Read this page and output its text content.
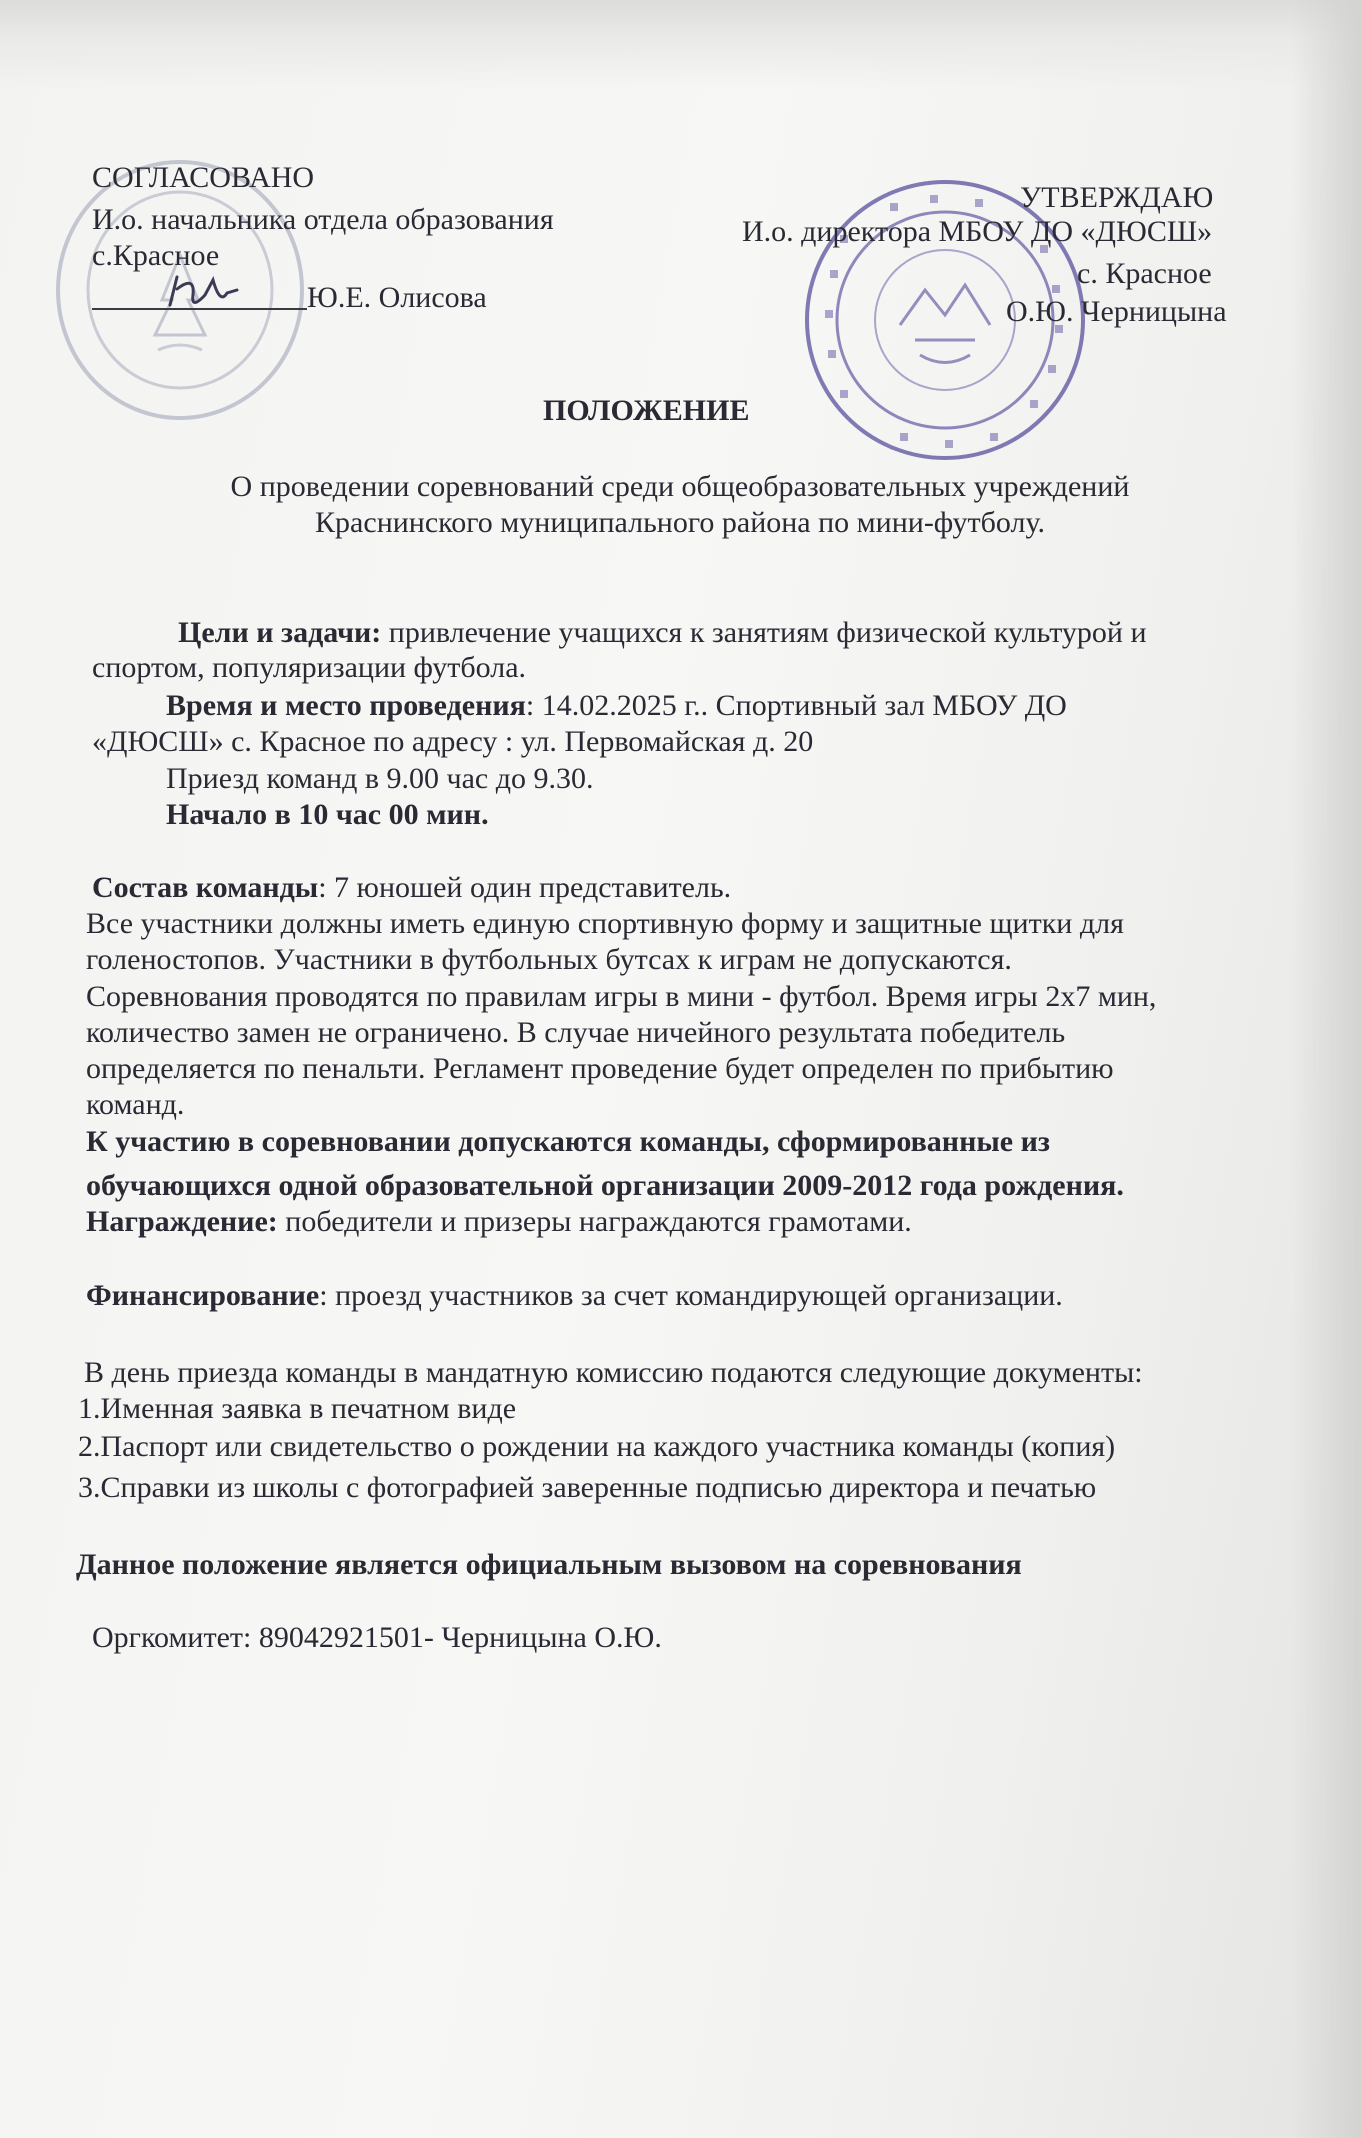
СОГЛАСОВАНО
И.о. начальника отдела образования
с.Красное
Ю.Е. Олисова
УТВЕРЖДАЮ
И.о. директора МБОУ ДО «ДЮСШ»
с. Красное
О.Ю. Черницына
ПОЛОЖЕНИЕ
О проведении соревнований среди общеобразовательных учреждений
Краснинского муниципального района по мини-футболу.
Цели и задачи: привлечение учащихся к занятиям физической культурой и
спортом, популяризации футбола.
Время и место проведения: 14.02.2025 г.. Спортивный зал МБОУ ДО
«ДЮСШ» с. Красное по адресу : ул. Первомайская д. 20
Приезд команд в 9.00 час до 9.30.
Начало в 10 час 00 мин.
Состав команды: 7 юношей один представитель.
Все участники должны иметь единую спортивную форму и защитные щитки для
голеностопов. Участники в футбольных бутсах к играм не допускаются.
Соревнования проводятся по правилам игры в мини - футбол. Время игры 2х7 мин,
количество замен не ограничено. В случае ничейного результата победитель
определяется по пенальти. Регламент проведение будет определен по прибытию
команд.
К участию в соревновании допускаются команды, сформированные из
обучающихся одной образовательной организации 2009-2012 года рождения.
Награждение: победители и призеры награждаются грамотами.
Финансирование: проезд участников за счет командирующей организации.
В день приезда команды в мандатную комиссию подаются следующие документы:
1.Именная заявка в печатном виде
2.Паспорт или свидетельство о рождении на каждого участника команды (копия)
3.Справки из школы с фотографией заверенные подписью директора и печатью
Данное положение является официальным вызовом на соревнования
Оргкомитет: 89042921501- Черницына О.Ю.
